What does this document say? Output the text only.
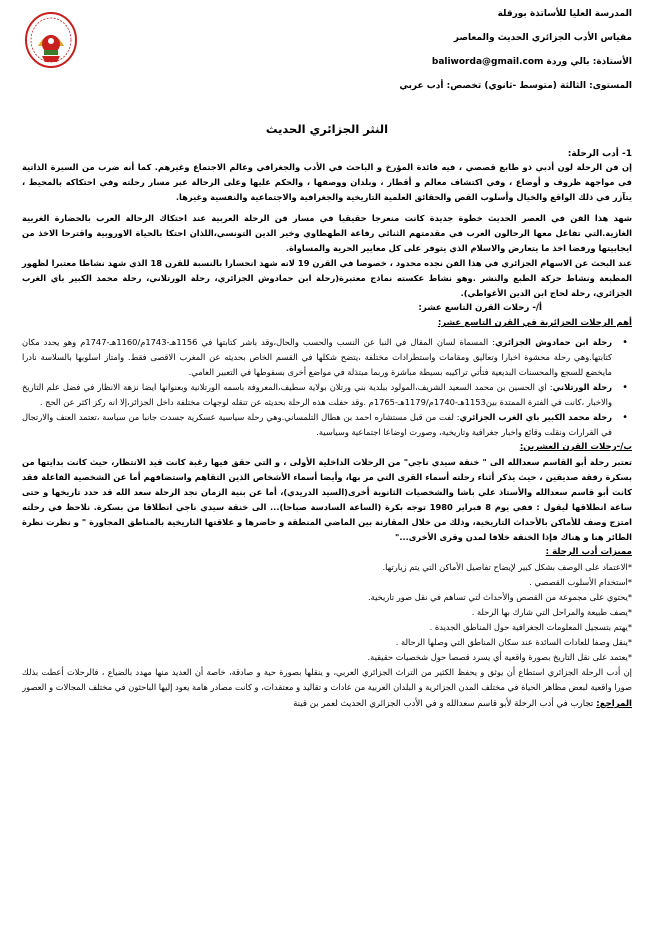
المدرسة العليا للأساتذة بورقلة
مقياس الأدب الجزائري الحديث والمعاصر
الأستاذة: بالي وردة baliworda@gmail.com
المستوى: الثالثة (متوسط -ثانوي) تخصص: أدب عربي
النثر الجزائري الحديث
1- أدب الرحلة:

إن فن الرحلة لون أدبي ذو طابع قصصي ، فيه فائدة المؤرخ و الباحث في الأدب والجغرافي وعالم الاجتماع وغيرهم. كما أنه ضرب من السيرة الذاتية في مواجهة ظروف و أوضاع ، وفي اكتشاف معالم و أقطار ، وبلدان ووصفها ، والحكم عليها وعلى الرحالة عبر مسار رحلته وفي احتكاكه بالمحيط ، يتآزر في ذلك الواقع والخيال وأسلوب القص والحقائق العلمية التاريخية والجغرافية والاجتماعية والنفسية وغيرها.

شهد هذا الفن في العصر الحديث خطوة جديدة كانت منعرجا حقيقيا في مسار فن الرحلة العربية عند احتكاك الرحالة العرب بالحضارة الغربية الغازية.التي تفاعل معها الرحالون العرب في مقدمتهم الثنائي رفاعة الطهطاوي وخير الدين التونسي،اللذان احتكا بالحياة الاوروبية واقترحا الاخذ من ايجابيتها ورفضا اخذ ما يتعارض والاسلام الذي يتوفر على كل معايير الحرية والمساواة.

عند البحث عن الاسهام الجزائري في هذا الفن نجده محدود ، خصوصا في القرن 19 لانه شهد انحسارا بالنسبة للقرن 18 الذي شهد نشاطا معتبرا لظهور المطبعة ونشاط حركة الطبع والنشر .وهو نشاط عكسته نماذج معتبرة(رحلة ابن حمادوش الجزائري، رحلة الورتلاني، رحلة محمد الكبير باي الغرب الجزائري، رحلة لحاج ابن الدين الأغواطي).

أ/- رحلات القرن التاسع عشر:
أهم الرحلات الجزائرية في القرن التاسع عشر:
• رحلة ابن حمادوش الجزائري: المسماة لسان المقال في النبا عن النسب والحسب والحال،وقد باشر كتابتها في 1156هـ-1743م/1160هـ-1747م وهو يحدد مكان كتابتها.وهي رحلة محشوة اخبارا وتعاليق ومقامات واستطرادات مختلفة ،يتضح شكلها في القسم الخاص بحديثه عن المغرب الاقصى فقط. وامتاز اسلوبها بالسلاسة نادرا مايخضع للسجع والمحسنات البديعية فتأتي تراكيبه بسيطة مباشرة وربما مبتذلة في مواضع أخرى بسقوطها في التعبير العامي.
• رحلة الورتلاني: اي الحسين بن محمد السعيد الشريف،المولود ببلدية بني ورتلان بولاية سطيف،المعروفة باسمه الورتلانية وبعنوانها ايضا نزهة الانظار في فضل علم التاريخ والاخبار ،كانت في الفترة الممتدة بين1153هـ-1740م/1179هـ-1765م .وقد حفلت هذه الرحلة بحديثه عن تنقله لوجهات مختلفة داخل الجزائر،إلا انه ركز اكثر عن الحج .
• رحلة محمد الكبير باي الغرب الجزائري: لفت من قبل مستشاره احمد بن هطال التلمساني.وهي رحلة سياسية عسكرية جسدت جانبا من سياسة ،تعتمد العنف والارتجال في القرارات ونقلت وقائع واخبار جغرافية وتاريخية، وصورت اوضاعا اجتماعية وسياسية.
ب/-رحلات القرن العشرين:

تعتبر رحلة أبو القاسم سعدالله الى " خنقة سيدي ناجي" من الرحلات الداخلية الأولى ، و التي حقق فيها رغبة كانت قيد الانتظار، حيث كانت بدايتها من بسكرة رفقة صديقين ، حيث يذكر أثناء رحلته أسماء القرى التي مر بها، وأيضا أسماء الأشخاص الذين التقاهم واستضافهم أما عن الشخصية الفاعلة فقد كانت أبو قاسم سعدالله والأستاذ علي باشا والشخصيات الثانوية أخرى(السيد الدريدي)، أما عن بنية الزمان نجد الرحلة سعد الله قد حدد تاريخها و حتى ساعة انطلاقها ليقول : ففي يوم 8 فبراير 1980 توجه بكرة (الساعة السادسة صباحا)... الى خنقة سيدي ناجي انطلاقا من بسكرة. نلاحظ في رحلته امتزج وصف للأماكن بالأحداث التاريخية، وذلك من خلال المقارنة بين الماضي المنطقة و حاضرها و علاقتها التاريخية بالمناطق المجاورة " و نظرت نظرة الطائر هنا و هناك فإذا الخنقة خلافا لمدن وقرى الأخرى..."

مميزات أدب الرحلة :
*الاعتماد على الوصف بشكل كبير لإيضاح تفاصيل الأماكن التي يتم زيارتها.
*استخدام الأسلوب القصصي .
*يحتوي على مجموعة من القصص والأحداث لتي تساهم في نقل صور تاريخية.
*يصف طبيعة والمراحل التي شارك بها الرحلة .
*يهتم بتسجيل المعلومات الجغرافية حول المناطق الجديدة .
*ينقل وصفا للعادات السائدة عند سكان المناطق التي وصلها الرحالة .
*يعتمد على نقل التاريخ بصورة واقعية أي يسرد قصصا حول شخصيات حقيقية.

إن أدب الرحلة الجزائري استطاع أن يوثق و يحفظ الكثير من التراث الجزائري العربي، و ينقلها بصورة حية و صادقة، خاصة أن العديد منها مهدد بالضياع ، فالرحلات أعطت بذلك صورا واقعية لبعض مظاهر الحياة في مختلف المدن الجزائرية و البلدان العربية من عادات و تقاليد و معتقدات، و كانت مصادر هامة يعود إليها الباحثون في مختلف المجالات و العصور

المراجع: تجارب في أدب الرحلة لأبو قاسم سعدالله و في الأدب الجزائري الحديث لعمر بن قينة
